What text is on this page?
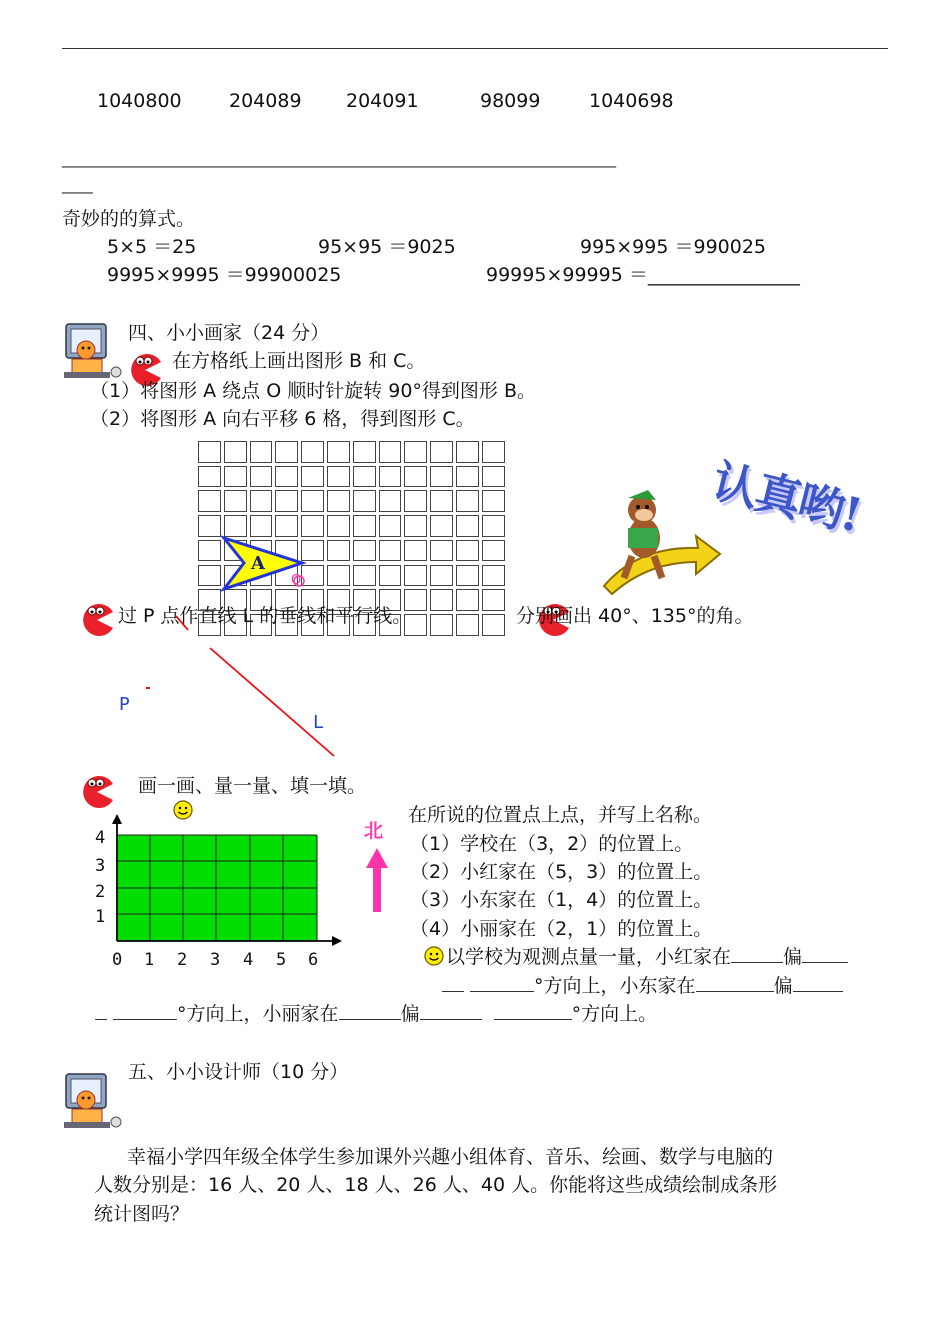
1040800 204089 204091	98099	1040698
________________________________________________________________________
____
奇妙的的算式。
5×5 ＝25	95×95 ＝9025	995×995 ＝990025
9995×9995 ＝99900025	99995×99995 ＝________________
四、小小画家（24 分）
在方格纸上画出图形 B 和 C。
（1）将图形 A 绕点 O 顺时针旋转 90°得到图形 B。
（2）将图形 A 向右平移 6 格，得到图形 C。
A
O
认真哟!
过 P 点作直线 L 的垂线和平行线。	分别画出 40°、135°的角。
P
L
画一画、量一量、填一填。
4
3
2
1
0 1 2 3 4 5 6
北
在所说的位置点上点，并写上名称。
（1）学校在（3，2）的位置上。
（2）小红家在（5，3）的位置上。
（3）小东家在（1，4）的位置上。
（4）小丽家在（2，1）的位置上。
以学校为观测点量一量，小红家在	偏
°方向上，小东家在	偏
°方向上，小丽家在	偏	°方向上。
五、小小设计师（10 分）
幸福小学四年级全体学生参加课外兴趣小组体育、音乐、绘画、数学与电脑的
人数分别是：16 人、20 人、18 人、26 人、40 人。你能将这些成绩绘制成条形
统计图吗？
